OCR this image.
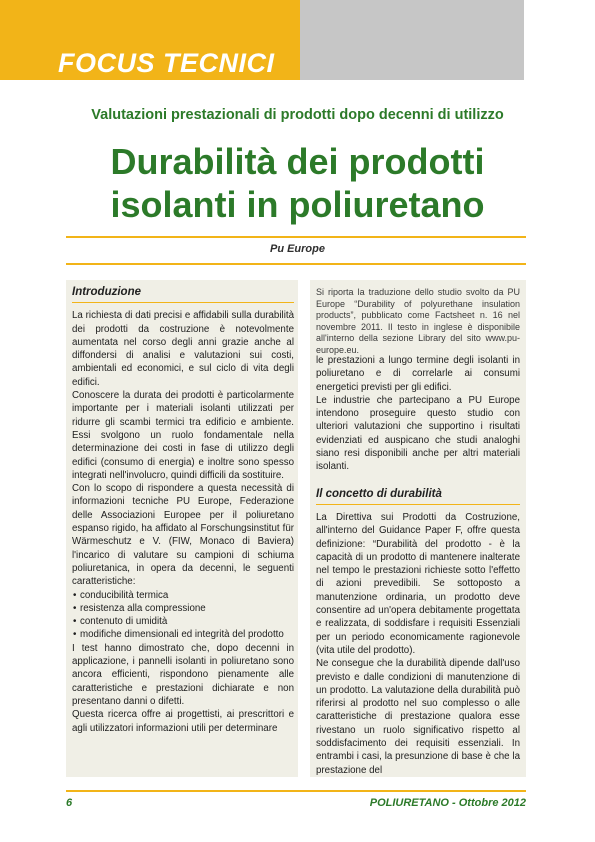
FOCUS TECNICI
Valutazioni prestazionali di prodotti dopo decenni di utilizzo
Durabilità dei prodotti
isolanti in poliuretano
Pu Europe
Introduzione

La richiesta di dati precisi e affidabili sulla durabilità dei prodotti da costruzione è notevolmente aumentata nel corso degli anni grazie anche al diffondersi di analisi e valutazioni sui costi, ambientali ed economici, e sul ciclo di vita degli edifici.

Conoscere la durata dei prodotti è particolarmente importante per i materiali isolanti utilizzati per ridurre gli scambi termici tra edificio e ambiente. Essi svolgono un ruolo fondamentale nella determinazione dei costi in fase di utilizzo degli edifici (consumo di energia) e inoltre sono spesso integrati nell'involucro, quindi difficili da sostituire.

Con lo scopo di rispondere a questa necessità di informazioni tecniche PU Europe, Federazione delle Associazioni Europee per il poliuretano espanso rigido, ha affidato al Forschungsinstitut für Wärmeschutz e V. (FIW, Monaco di Baviera) l'incarico di valutare su campioni di schiuma poliuretanica, in opera da decenni, le seguenti caratteristiche:

• conducibilità termica
• resistenza alla compressione
• contenuto di umidità
• modifiche dimensionali ed integrità del prodotto

I test hanno dimostrato che, dopo decenni in applicazione, i pannelli isolanti in poliuretano sono ancora efficienti, rispondono pienamente alle caratteristiche e prestazioni dichiarate e non presentano danni o difetti.

Questa ricerca offre ai progettisti, ai prescrittori e agli utilizzatori informazioni utili per determinare

Si riporta la traduzione dello studio svolto da PU Europe “Durability of polyurethane insulation products”, pubblicato come Factsheet n. 16 nel novembre 2011. Il testo in inglese è disponibile all'interno della sezione Library del sito www.pu-europe.eu.

le prestazioni a lungo termine degli isolanti in poliuretano e di correlarle ai consumi energetici previsti per gli edifici.

Le industrie che partecipano a PU Europe intendono proseguire questo studio con ulteriori valutazioni che supportino i risultati evidenziati ed auspicano che studi analoghi siano resi disponibili anche per altri materiali isolanti.

Il concetto di durabilità

La Direttiva sui Prodotti da Costruzione, all'interno del Guidance Paper F, offre questa definizione: “Durabilità del prodotto - è la capacità di un prodotto di mantenere inalterate nel tempo le prestazioni richieste sotto l'effetto di azioni prevedibili. Se sottoposto a manutenzione ordinaria, un prodotto deve consentire ad un'opera debitamente progettata e realizzata, di soddisfare i requisiti Essenziali per un periodo economicamente ragionevole (vita utile del prodotto).

Ne consegue che la durabilità dipende dall'uso previsto e dalle condizioni di manutenzione di un prodotto. La valutazione della durabilità può riferirsi al prodotto nel suo complesso o alle caratteristiche di prestazione qualora esse rivestano un ruolo significativo rispetto al soddisfacimento dei requisiti essenziali. In entrambi i casi, la presunzione di base è che la prestazione del

6	POLIURETANO - Ottobre 2012
